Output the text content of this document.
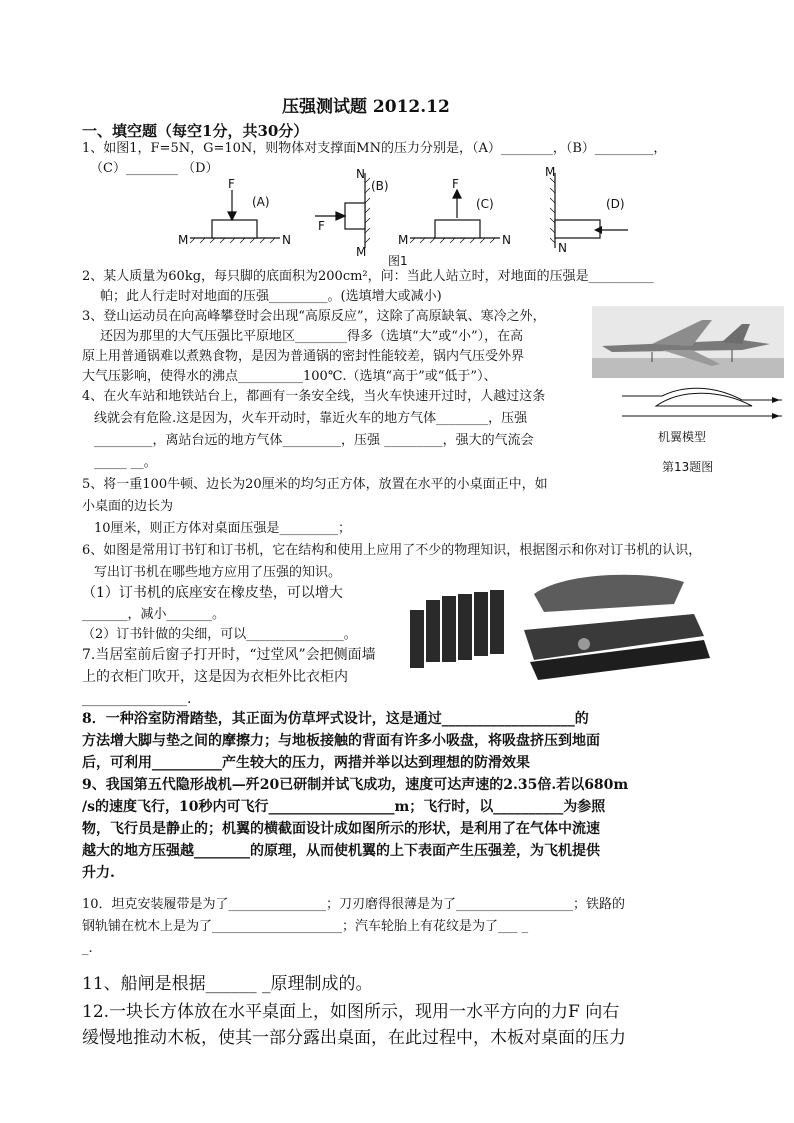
压强测试题 2012.12
一、填空题（每空1分，共30分）
1、如图1，F=5N，G=10N，则物体对支撑面MN的压力分别是，（A）________，（B）_________，
（C）________ （D）
F
(A)
M	N
F
N
(B)
M
F
(C)
M	N
M
(D)
N
图1
2、某人质量为60kg，每只脚的底面积为200cm²，问：当此人站立时，对地面的压强是__________
帕；此人行走时对地面的压强_________。(选填增大或减小)
3、登山运动员在向高峰攀登时会出现“高原反应”，这除了高原缺氧、寒冷之外，
还因为那里的大气压强比平原地区________得多（选填“大”或“小”），在高
原上用普通锅难以煮熟食物，是因为普通锅的密封性能较差，锅内气压受外界
大气压影响，使得水的沸点__________100℃.（选填“高于”或“低于”）、
4、在火车站和地铁站台上，都画有一条安全线，当火车快速开过时，人越过这条
线就会有危险.这是因为，火车开动时，靠近火车的地方气体________，压强
_________，离站台远的地方气体_________，压强 _________，强大的气流会
_____ __。
机翼模型
第13题图
5、将一重100牛顿、边长为20厘米的均匀正方体，放置在水平的小桌面正中，如
小桌面的边长为
10厘米，则正方体对桌面压强是_________；
6、如图是常用订书钉和订书机，它在结构和使用上应用了不少的物理知识，根据图示和你对订书机的认识，
写出订书机在哪些地方应用了压强的知识。
（1）订书机的底座安在橡皮垫，可以增大
_______，减小_______。
（2）订书针做的尖细，可以_______________。
7.当居室前后窗子打开时，“过堂风”会把侧面墙
上的衣柜门吹开，这是因为衣柜外比衣柜内
_______________.
8．一种浴室防滑踏垫，其正面为仿草坪式设计，这是通过___________________的
方法增大脚与垫之间的摩擦力；与地板接触的背面有许多小吸盘，将吸盘挤压到地面
后，可利用__________产生较大的压力，两措并举以达到理想的防滑效果
9、我国第五代隐形战机—歼20已研制并试飞成功，速度可达声速的2.35倍.若以680m
/s的速度飞行，10秒内可飞行__________________m；飞行时，以__________为参照
物，飞行员是静止的；机翼的横截面设计成如图所示的形状，是利用了在气体中流速
越大的地方压强越________的原理，从而使机翼的上下表面产生压强差，为飞机提供
升力.
10．坦克安装履带是为了_______________；刀刃磨得很薄是为了__________________；铁路的
钢轨铺在枕木上是为了____________________；汽车轮胎上有花纹是为了___ _
_.
11、船闸是根据______ _原理制成的。
12.一块长方体放在水平桌面上，如图所示，现用一水平方向的力F 向右
缓慢地推动木板，使其一部分露出桌面，在此过程中，木板对桌面的压力
